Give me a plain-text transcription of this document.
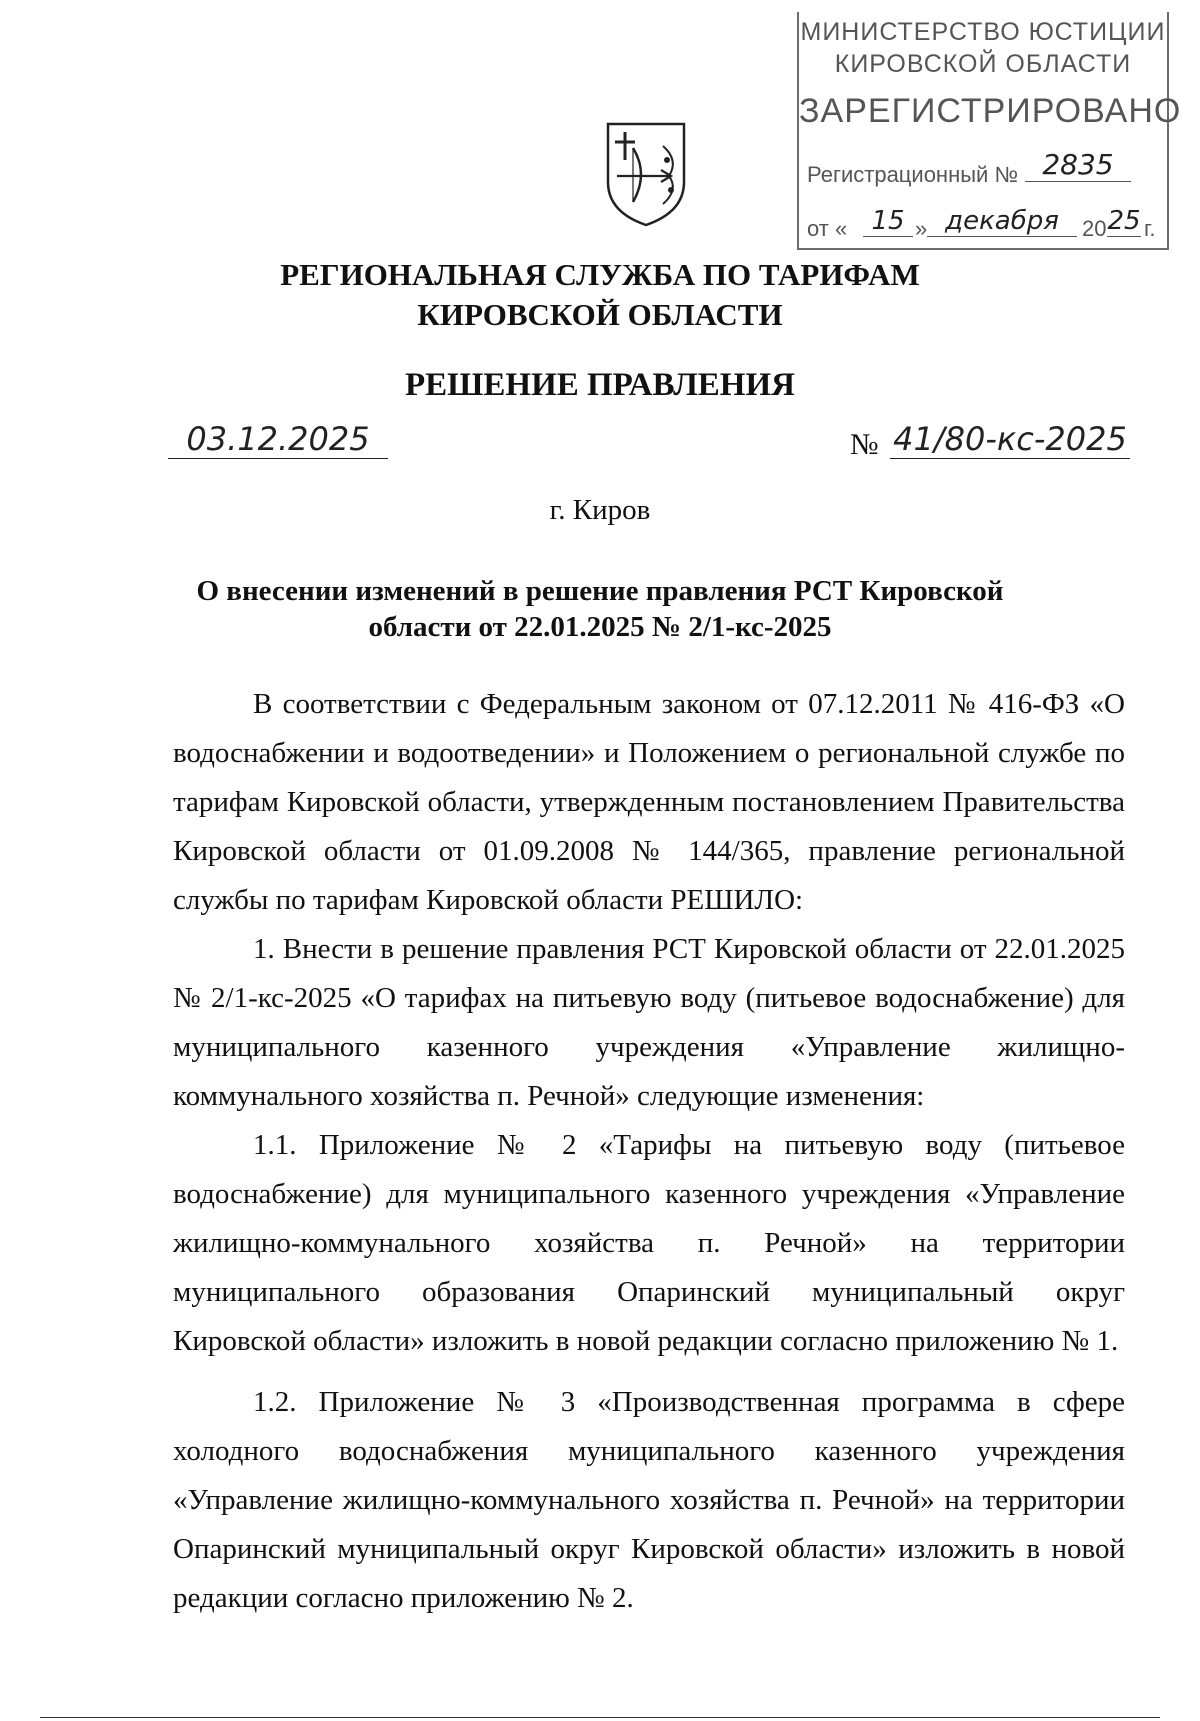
МИНИСТЕРСТВО ЮСТИЦИИ
КИРОВСКОЙ ОБЛАСТИ
ЗАРЕГИСТРИРОВАНО
Регистрационный № 2835
от «	»
15	декабря	20 25 г.
РЕГИОНАЛЬНАЯ СЛУЖБА ПО ТАРИФАМ
КИРОВСКОЙ ОБЛАСТИ
РЕШЕНИЕ ПРАВЛЕНИЯ
03.12.2025	№ 41/80-кс-2025
г. Киров
О внесении изменений в решение правления РСТ Кировской
области от 22.01.2025 № 2/1-кс-2025

В соответствии с Федеральным законом от 07.12.2011 № 416-ФЗ «О водоснабжении и водоотведении» и Положением о региональной службе по тарифам Кировской области, утвержденным постановлением Правительства Кировской области от 01.09.2008 № 144/365, правление региональной службы по тарифам Кировской области РЕШИЛО:

1. Внести в решение правления РСТ Кировской области от 22.01.2025 № 2/1-кс-2025 «О тарифах на питьевую воду (питьевое водоснабжение) для муниципального казенного учреждения «Управление жилищно-коммунального хозяйства п. Речной» следующие изменения:

1.1. Приложение № 2 «Тарифы на питьевую воду (питьевое водоснабжение) для муниципального казенного учреждения «Управление жилищно-коммунального хозяйства п. Речной» на территории муниципального образования Опаринский муниципальный округ Кировской области» изложить в новой редакции согласно приложению № 1.

1.2. Приложение № 3 «Производственная программа в сфере холодного водоснабжения муниципального казенного учреждения «Управление жилищно-коммунального хозяйства п. Речной» на территории Опаринский муниципальный округ Кировской области» изложить в новой редакции согласно приложению № 2.
